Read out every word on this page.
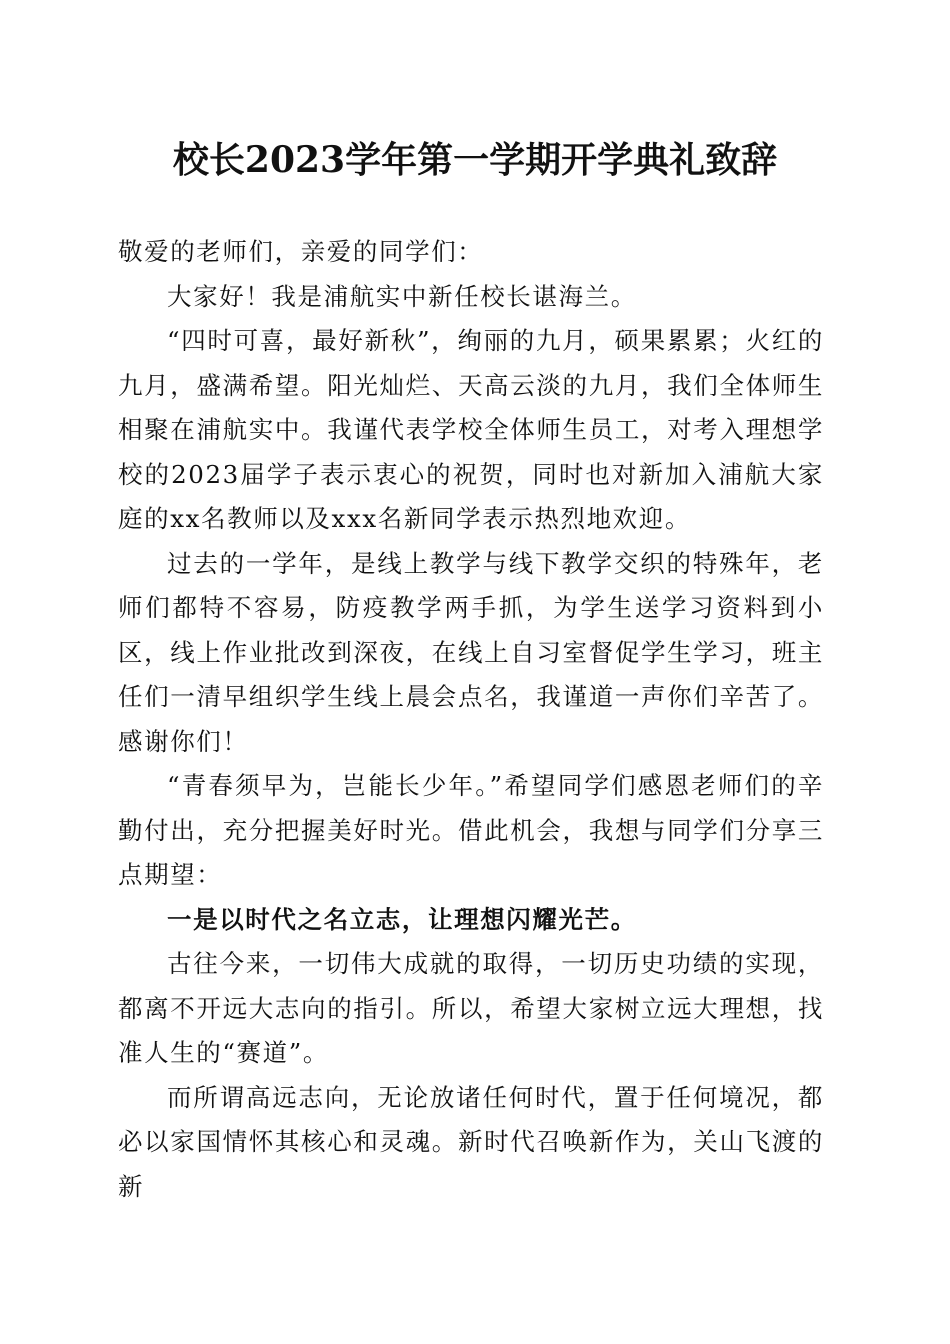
校长2023学年第一学期开学典礼致辞

敬爱的老师们，亲爱的同学们：

大家好！我是浦航实中新任校长谌海兰。

“四时可喜，最好新秋”，绚丽的九月，硕果累累；火红的九月，盛满希望。阳光灿烂、天高云淡的九月，我们全体师生相聚在浦航实中。我谨代表学校全体师生员工，对考入理想学校的2023届学子表示衷心的祝贺，同时也对新加入浦航大家庭的xx名教师以及xxx名新同学表示热烈地欢迎。

过去的一学年，是线上教学与线下教学交织的特殊年，老师们都特不容易，防疫教学两手抓，为学生送学习资料到小区，线上作业批改到深夜，在线上自习室督促学生学习，班主任们一清早组织学生线上晨会点名，我谨道一声你们辛苦了。感谢你们！

“青春须早为，岂能长少年。”希望同学们感恩老师们的辛勤付出，充分把握美好时光。借此机会，我想与同学们分享三点期望：

一是以时代之名立志，让理想闪耀光芒。

古往今来，一切伟大成就的取得，一切历史功绩的实现，都离不开远大志向的指引。所以，希望大家树立远大理想，找准人生的“赛道”。

而所谓高远志向，无论放诸任何时代，置于任何境况，都必以家国情怀其核心和灵魂。新时代召唤新作为，关山飞渡的新
